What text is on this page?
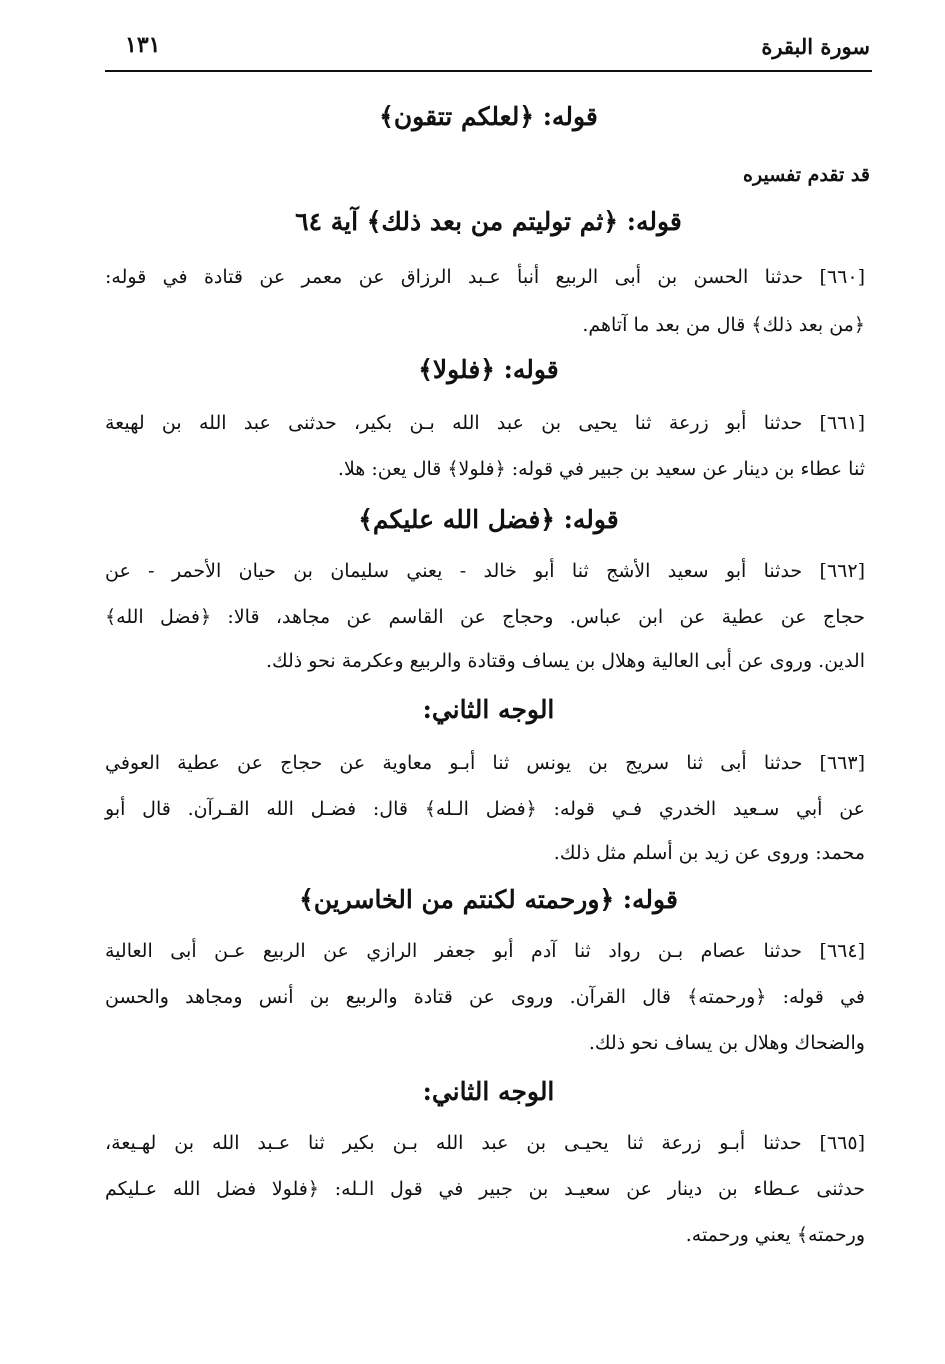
سورة البقرة
١٣١
قوله: ﴿لعلكم تتقون﴾
قد تقدم تفسيره
قوله: ﴿ثم توليتم من بعد ذلك﴾ آية ٦٤
[٦٦٠] حدثنا الحسن بن أبى الربيع أنبأ عـبد الرزاق عن معمر عن قتادة في قوله:
﴿من بعد ذلك﴾ قال من بعد ما آتاهم.
قوله: ﴿فلولا﴾
[٦٦١] حدثنا أبو زرعة ثنا يحيى بن عبد الله بـن بكير، حدثنى عبد الله بن لهيعة
ثنا عطاء بن دينار عن سعيد بن جبير في قوله: ﴿فلولا﴾ قال يعن: هلا.
قوله: ﴿فضل الله عليكم﴾
[٦٦٢] حدثنا أبو سعيد الأشج ثنا أبو خالد - يعني سليمان بن حيان الأحمر - عن
حجاج عن عطية عن ابن عباس. وحجاج عن القاسم عن مجاهد، قالا: ﴿فضل الله﴾
الدين. وروى عن أبى العالية وهلال بن يساف وقتادة والربيع وعكرمة نحو ذلك.
الوجه الثاني:
[٦٦٣] حدثنا أبى ثنا سريج بن يونس ثنا أبـو معاوية عن حجاج عن عطية العوفي
عن أبي سـعيد الخدري فـي قوله: ﴿فضل الـله﴾ قال: فضـل الله القـرآن. قال أبو
محمد: وروى عن زيد بن أسلم مثل ذلك.
قوله: ﴿ورحمته لكنتم من الخاسرين﴾
[٦٦٤] حدثنا عصام بـن رواد ثنا آدم أبو جعفر الرازي عن الربيع عـن أبى العالية
في قوله: ﴿ورحمته﴾ قال القرآن. وروى عن قتادة والربيع بن أنس ومجاهد والحسن
والضحاك وهلال بن يساف نحو ذلك.
الوجه الثاني:
[٦٦٥] حدثنا أبـو زرعة ثنا يحيـى بن عبد الله بـن بكير ثنا عـبد الله بن لهـيعة،
حدثنى عـطاء بن دينار عن سعيـد بن جبير في قول الـله: ﴿فلولا فضل الله عـليكم
ورحمته﴾ يعني ورحمته.
